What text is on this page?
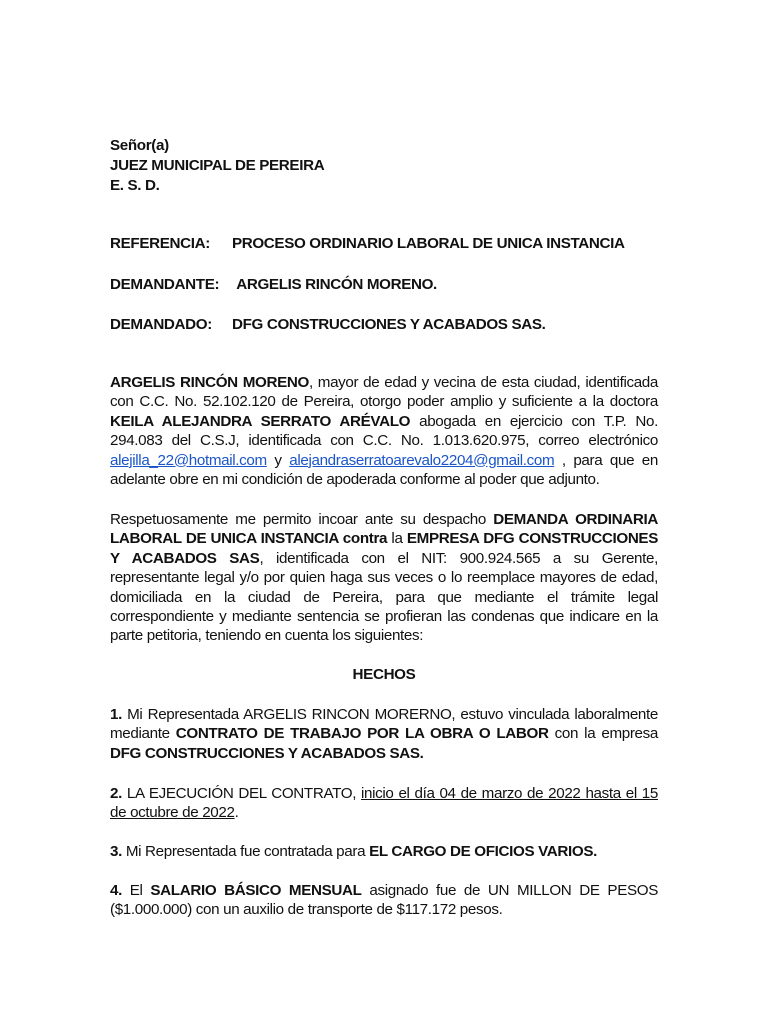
Señor(a)
JUEZ MUNICIPAL DE PEREIRA
E. S. D.
REFERENCIA: PROCESO ORDINARIO LABORAL DE UNICA INSTANCIA
DEMANDANTE: ARGELIS RINCÓN MORENO.
DEMANDADO: DFG CONSTRUCCIONES Y ACABADOS SAS.
ARGELIS RINCÓN MORENO, mayor de edad y vecina de esta ciudad, identificada con C.C. No. 52.102.120 de Pereira, otorgo poder amplio y suficiente a la doctora KEILA ALEJANDRA SERRATO ARÉVALO abogada en ejercicio con T.P. No. 294.083 del C.S.J, identificada con C.C. No. 1.013.620.975, correo electrónico alejilla_22@hotmail.com y alejandraserratoarevalo2204@gmail.com , para que en adelante obre en mi condición de apoderada conforme al poder que adjunto.
Respetuosamente me permito incoar ante su despacho DEMANDA ORDINARIA LABORAL DE UNICA INSTANCIA contra la EMPRESA DFG CONSTRUCCIONES Y ACABADOS SAS, identificada con el NIT: 900.924.565 a su Gerente, representante legal y/o por quien haga sus veces o lo reemplace mayores de edad, domiciliada en la ciudad de Pereira, para que mediante el trámite legal correspondiente y mediante sentencia se profieran las condenas que indicare en la parte petitoria, teniendo en cuenta los siguientes:
HECHOS
1. Mi Representada ARGELIS RINCON MORERNO, estuvo vinculada laboralmente mediante CONTRATO DE TRABAJO POR LA OBRA O LABOR con la empresa DFG CONSTRUCCIONES Y ACABADOS SAS.
2. LA EJECUCIÓN DEL CONTRATO, inicio el día 04 de marzo de 2022 hasta el 15 de octubre de 2022.
3. Mi Representada fue contratada para EL CARGO DE OFICIOS VARIOS.
4. El SALARIO BÁSICO MENSUAL asignado fue de UN MILLON DE PESOS ($1.000.000) con un auxilio de transporte de $117.172 pesos.
